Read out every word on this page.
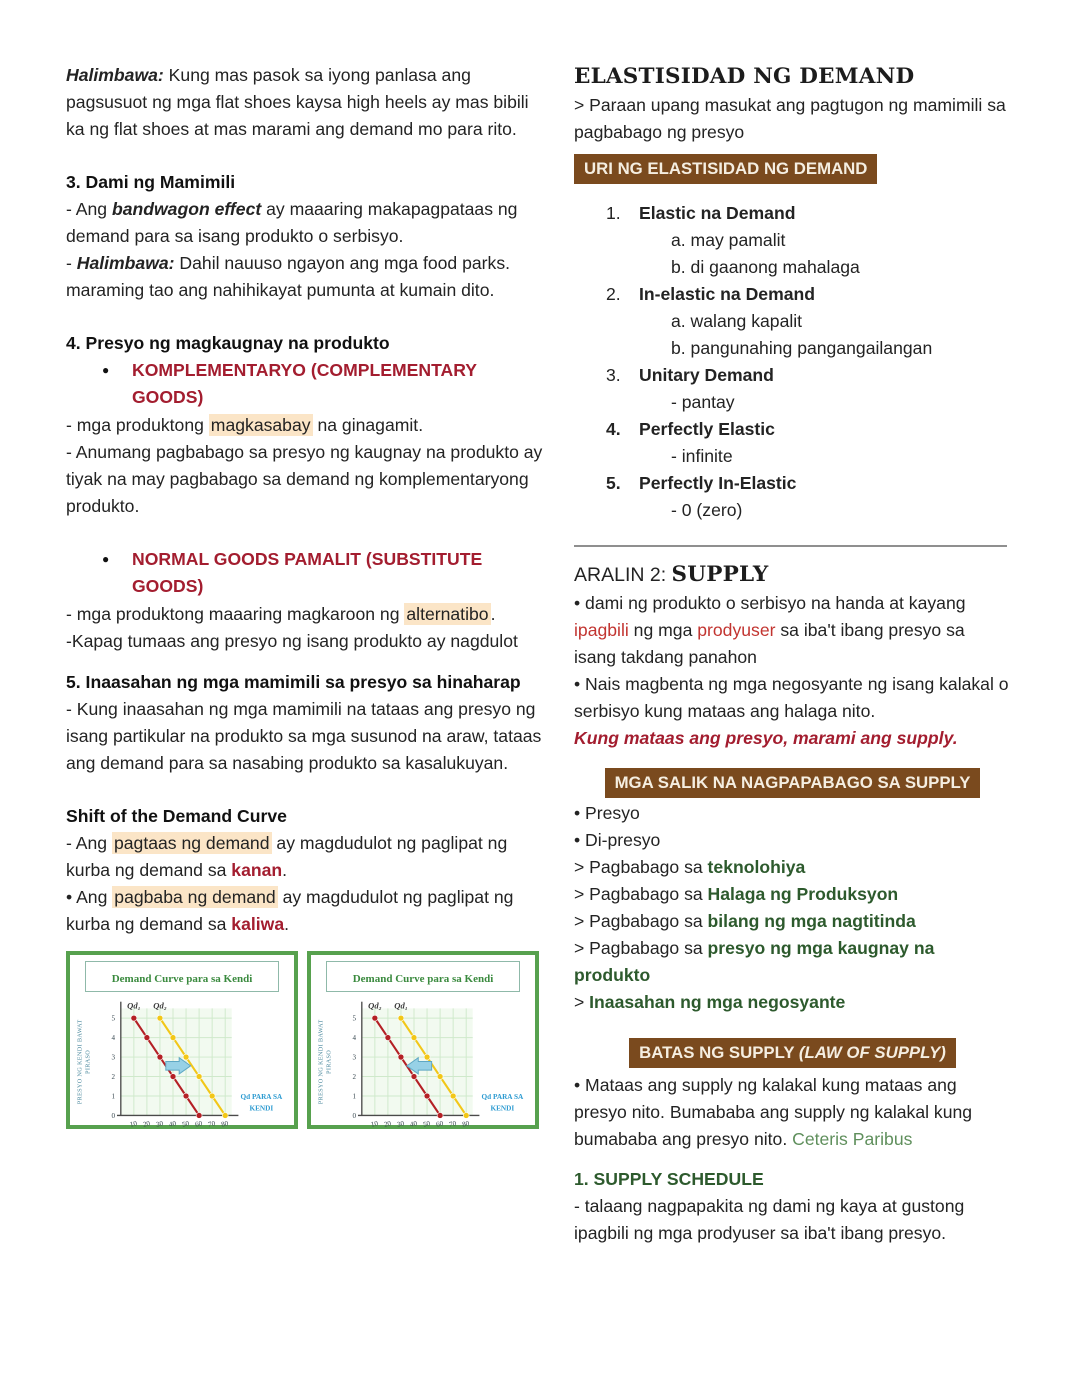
Halimbawa: Kung mas pasok sa iyong panlasa ang pagsusuot ng mga flat shoes kaysa high heels ay mas bibili ka ng flat shoes at mas marami ang demand mo para rito.

3. Dami ng Mamimili

- Ang bandwagon effect ay maaaring makapagpataas ng demand para sa isang produkto o serbisyo.

- Halimbawa: Dahil nauuso ngayon ang mga food parks. maraming tao ang nahihikayat pumunta at kumain dito.

4. Presyo ng magkaugnay na produkto

●	KOMPLEMENTARYO (COMPLEMENTARY GOODS)

- mga produktong magkasabay na ginagamit.

- Anumang pagbabago sa presyo ng kaugnay na produkto ay tiyak na may pagbabago sa demand ng komplementaryong produkto.

●	NORMAL GOODS PAMALIT (SUBSTITUTE GOODS)

- mga produktong maaaring magkaroon ng alternatibo .

-Kapag tumaas ang presyo ng isang produkto ay nagdulot

5. Inaasahan ng mga mamimili sa presyo sa hinaharap

- Kung inaasahan ng mga mamimili na tataas ang presyo ng isang partikular na produkto sa mga susunod na araw, tataas ang demand para sa nasabing produkto sa kasalukuyan.

Shift of the Demand Curve

- Ang pagtaas ng demand ay magdudulot ng paglipat ng kurba ng demand sa kanan.

• Ang pagbaba ng demand ay magdudulot ng paglipat ng kurba ng demand sa kaliwa.

Demand Curve para sa Kendi
10 20 30 40 50 60 70 80
0
1
2
3
4
5
Qd₁ Qd₂
Qd PARA SA
KENDI
PRESYO NG KENDI BAWATPIRASO
Demand Curve para sa Kendi
10 20 30 40 50 60 70 80
0
1
2
3
4
5
Qd₂ Qd₁
Qd PARA SA
KENDI
PRESYO NG KENDI BAWATPIRASO
ELASTISIDAD NG DEMAND

> Paraan upang masukat ang pagtugon ng mamimili sa pagbabago ng presyo

URI NG ELASTISIDAD NG DEMAND
1.	Elastic na Demand
a. may pamalit
b. di gaanong mahalaga
2.	In-elastic na Demand
a. walang kapalit
b. pangunahing pangangailangan
3.	Unitary Demand
- pantay
4.	Perfectly Elastic
- infinite
5.	Perfectly In-Elastic
- 0 (zero)
ARALIN 2: SUPPLY

• dami ng produkto o serbisyo na handa at kayang ipagbili ng mga prodyuser sa iba't ibang presyo sa isang takdang panahon

• Nais magbenta ng mga negosyante ng isang kalakal o serbisyo kung mataas ang halaga nito.

Kung mataas ang presyo, marami ang supply.

MGA SALIK NA NAGPAPABAGO SA SUPPLY

• Presyo

• Di-presyo

> Pagbabago sa teknolohiya

> Pagbabago sa Halaga ng Produksyon

> Pagbabago sa bilang ng mga nagtitinda

> Pagbabago sa presyo ng mga kaugnay na produkto

> Inaasahan ng mga negosyante

BATAS NG SUPPLY (LAW OF SUPPLY)

• Mataas ang supply ng kalakal kung mataas ang presyo nito. Bumababa ang supply ng kalakal kung bumababa ang presyo nito. Ceteris Paribus

1. SUPPLY SCHEDULE

- talaang nagpapakita ng dami ng kaya at gustong ipagbili ng mga prodyuser sa iba't ibang presyo.
